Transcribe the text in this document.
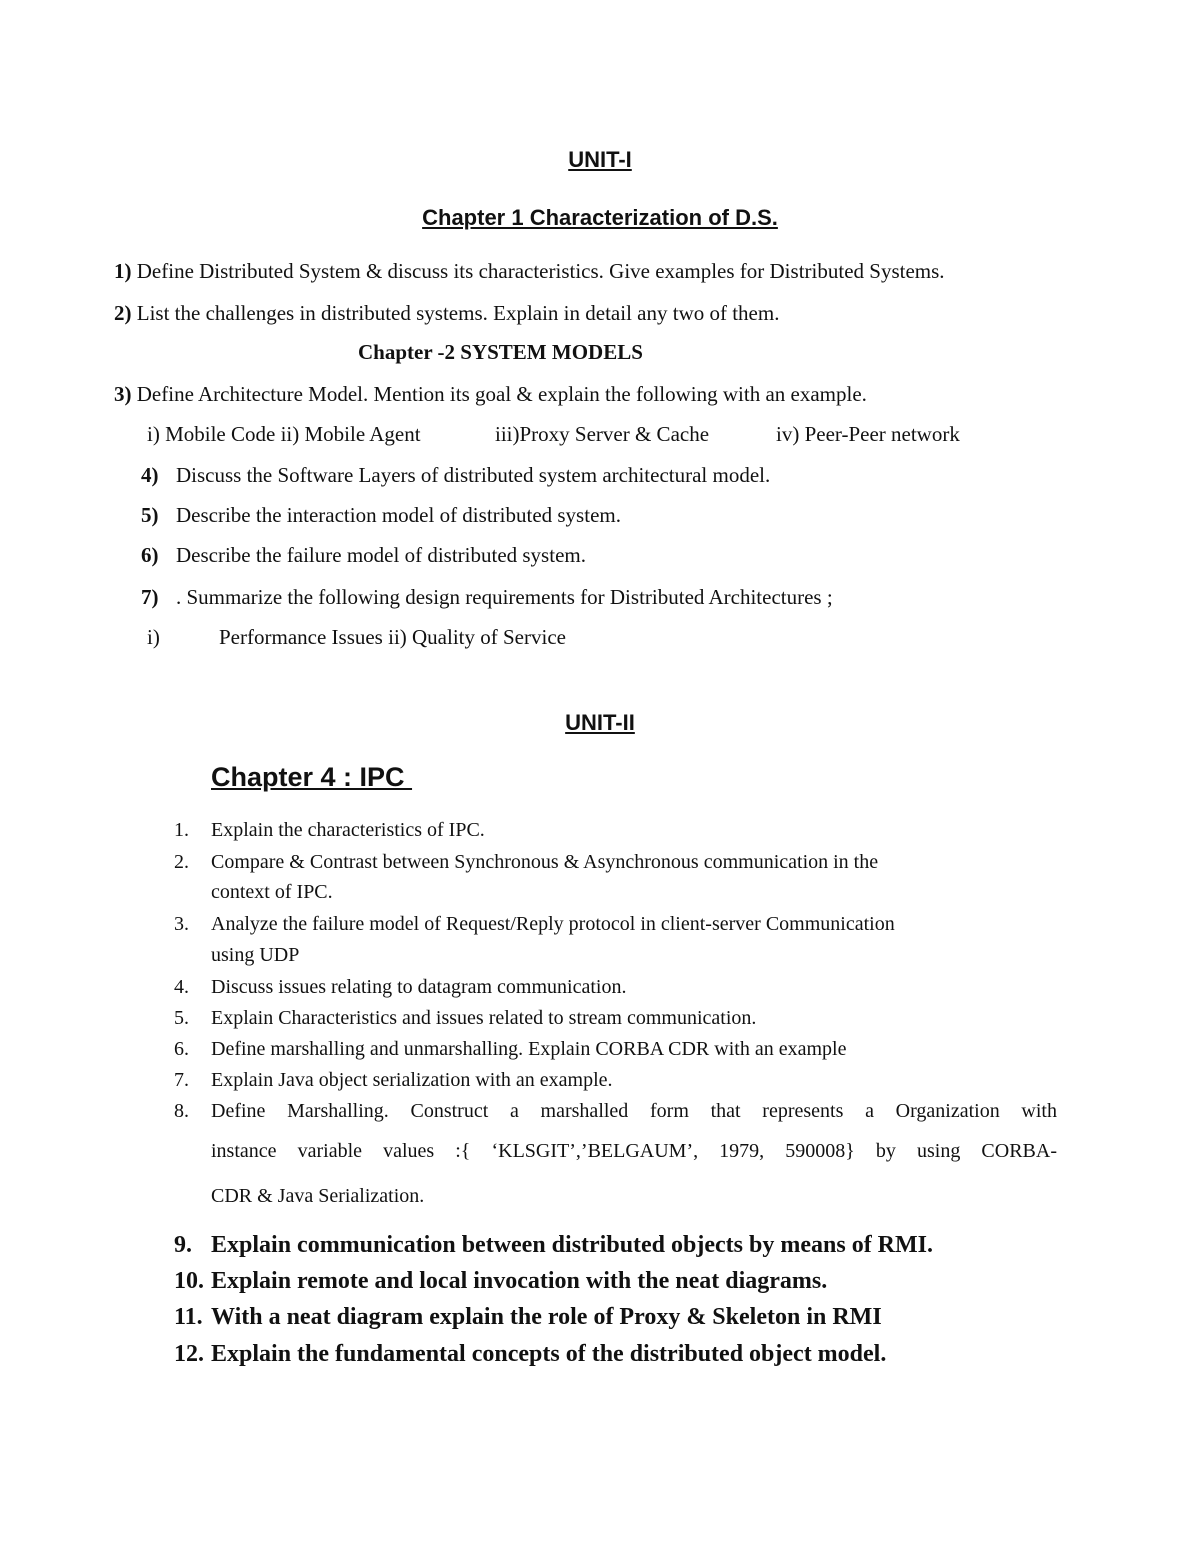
UNIT-I
Chapter 1 Characterization of D.S.
1) Define Distributed System & discuss its characteristics. Give examples for Distributed Systems.
2) List the challenges in distributed systems. Explain in detail any two of them.
Chapter -2 SYSTEM MODELS
3) Define Architecture Model. Mention its goal & explain the following with an example.
i) Mobile Code ii) Mobile Agent	iii)Proxy Server & Cache	iv) Peer-Peer network
4) Discuss the Software Layers of distributed system architectural model.
5) Describe the interaction model of distributed system.
6) Describe the failure model of distributed system.
7) . Summarize the following design requirements for Distributed Architectures ;
i)	Performance Issues ii) Quality of Service
UNIT-II
Chapter 4 : IPC
1. Explain the characteristics of IPC.
2. Compare & Contrast between Synchronous & Asynchronous communication in the
context of IPC.
3. Analyze the failure model of Request/Reply protocol in client-server Communication
using UDP
4. Discuss issues relating to datagram communication.
5. Explain Characteristics and issues related to stream communication.
6. Define marshalling and unmarshalling. Explain CORBA CDR with an example
7. Explain Java object serialization with an example.
8. Define Marshalling. Construct a marshalled form that represents a Organization with
instance variable values :{ ‘KLSGIT’,’BELGAUM’, 1979, 590008} by using CORBA-
CDR & Java Serialization.
9. Explain communication between distributed objects by means of RMI.
10. Explain remote and local invocation with the neat diagrams.
11. With a neat diagram explain the role of Proxy & Skeleton in RMI
12. Explain the fundamental concepts of the distributed object model.
